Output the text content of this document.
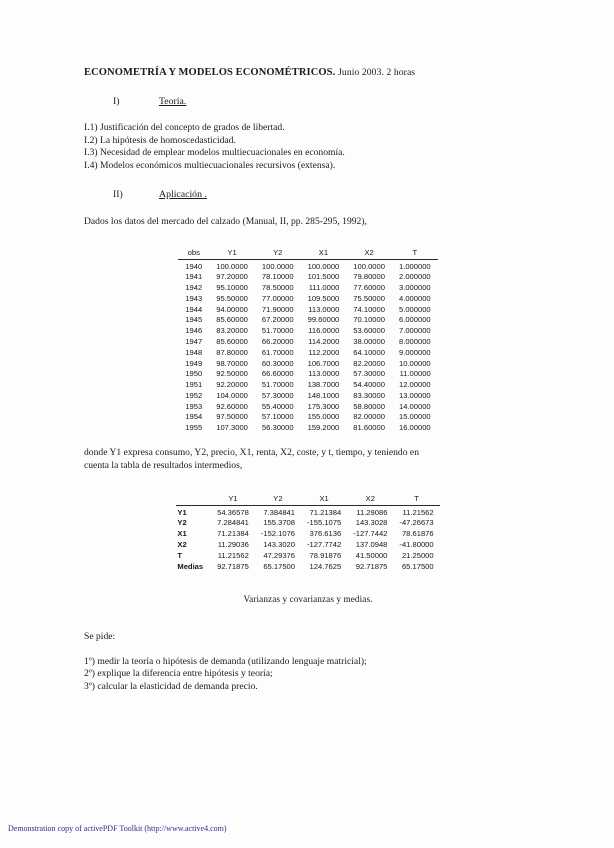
ECONOMETRÍA Y MODELOS ECONOMÉTRICOS. Junio 2003. 2 horas
I)	Teoría.
I.1) Justificación del concepto de grados de libertad.
I.2) La hipótesis de homoscedasticidad.
I.3) Necesidad de emplear modelos multiecuacionales en economía.
I.4) Modelos económicos multiecuacionales recursivos (extensa).
II)	Aplicación .
Dados los datos del mercado del calzado (Manual, II, pp. 285-295, 1992),
obs	Y1	Y2	X1	X2	T
1940	100.0000	100.0000	100.0000	100.0000	1.000000
1941	97.20000	78.10000	101.5000	79.80000	2.000000
1942	95.10000	78.50000	111.0000	77.60000	3.000000
1943	95.50000	77.00000	109.5000	75.50000	4.000000
1944	94.00000	71.90000	113.0000	74.10000	5.000000
1945	85.60000	67.20000	99.60000	70.10000	6.000000
1946	83.20000	51.70000	116.0000	53.60000	7.000000
1947	85.60000	66.20000	114.2000	38.00000	8.000000
1948	87.80000	61.70000	112.2000	64.10000	9.000000
1949	98.70000	60.30000	106.7000	82.20000	10.00000
1950	92.50000	66.60000	113.0000	57.30000	11.00000
1951	92.20000	51.70000	138.7000	54.40000	12.00000
1952	104.0000	57.30000	148.1000	83.30000	13.00000
1953	92.60000	55.40000	175.3000	58.80000	14.00000
1954	97.50000	57.10000	155.0000	82.00000	15.00000
1955	107.3000	56.30000	159.2000	81.60000	16.00000
donde Y1 expresa consumo, Y2, precio, X1, renta, X2, coste, y t, tiempo, y teniendo en
cuenta la tabla de resultados intermedios,
	Y1	Y2	X1	X2	T
Y1	54.36578	7.384841	71.21384	11.29086	11.21562
Y2	7.284841	155.3708	-155.1075	143.3028	-47.26673
X1	71.21384	-152.1076	376.6136	-127.7442	78.61876
X2	11.29036	143.3020	-127.7742	137.0948	-41.80000
T	11.21562	47.29376	78.91876	41.50000	21.25000
Medias	92.71875	65.17500	124.7625	92.71875	65.17500
Varianzas y covarianzas y medias.
Se pide:
1º) medir la teoría o hipótesis de demanda (utilizando lenguaje matricial);
2º) explique la diferencia entre hipótesis y teoría;
3º) calcular la elasticidad de demanda precio.
Demonstration copy of activePDF Toolkit (http://www.active4.com)
